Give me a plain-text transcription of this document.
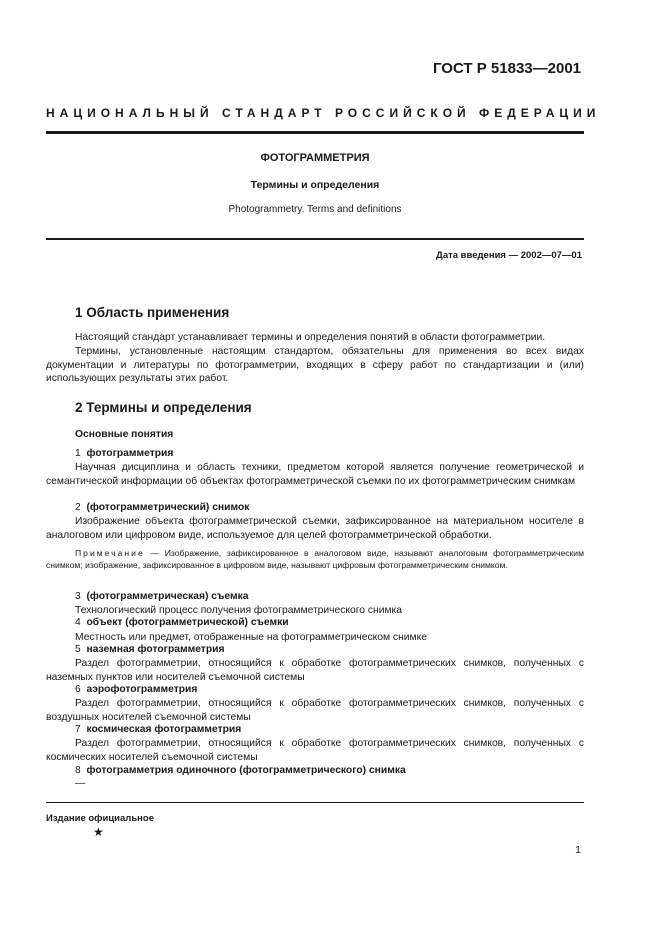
ГОСТ Р 51833—2001
НАЦИОНАЛЬНЫЙ СТАНДАРТ РОССИЙСКОЙ ФЕДЕРАЦИИ
ФОТОГРАММЕТРИЯ
Термины и определения
Photogrammetry. Terms and definitions
Дата введения — 2002—07—01
1 Область применения
Настоящий стандарт устанавливает термины и определения понятий в области фотограмметрии.
Термины, установленные настоящим стандартом, обязательны для применения во всех видах документации и литературы по фотограмметрии, входящих в сферу работ по стандартизации и (или) использующих результаты этих работ.
2 Термины и определения
Основные понятия
1 фотограмметрия
Научная дисциплина и область техники, предметом которой является получение геометрической и семантической информации об объектах фотограмметрической съемки по их фотограмметрическим снимкам
2 (фотограмметрический) снимок
Изображение объекта фотограмметрической съемки, зафиксированное на материальном носителе в аналоговом или цифровом виде, используемое для целей фотограмметрической обработки.
Примечание — Изображение, зафиксированное в аналоговом виде, называют аналоговым фотограмметрическим снимком; изображение, зафиксированное в цифровом виде, называют цифровым фотограмметрическим снимком.
3 (фотограмметрическая) съемка
Технологический процесс получения фотограмметрического снимка
4 объект (фотограмметрической) съемки
Местность или предмет, отображенные на фотограмметрическом снимке
5 наземная фотограмметрия
Раздел фотограмметрии, относящийся к обработке фотограмметрических снимков, полученных с наземных пунктов или носителей съемочной системы
6 аэрофотограмметрия
Раздел фотограмметрии, относящийся к обработке фотограмметрических снимков, полученных с воздушных носителей съемочной системы
7 космическая фотограмметрия
Раздел фотограмметрии, относящийся к обработке фотограмметрических снимков, полученных с космических носителей съемочной системы
8 фотограмметрия одиночного (фотограмметрического) снимка
—
Издание официальное
★
1
